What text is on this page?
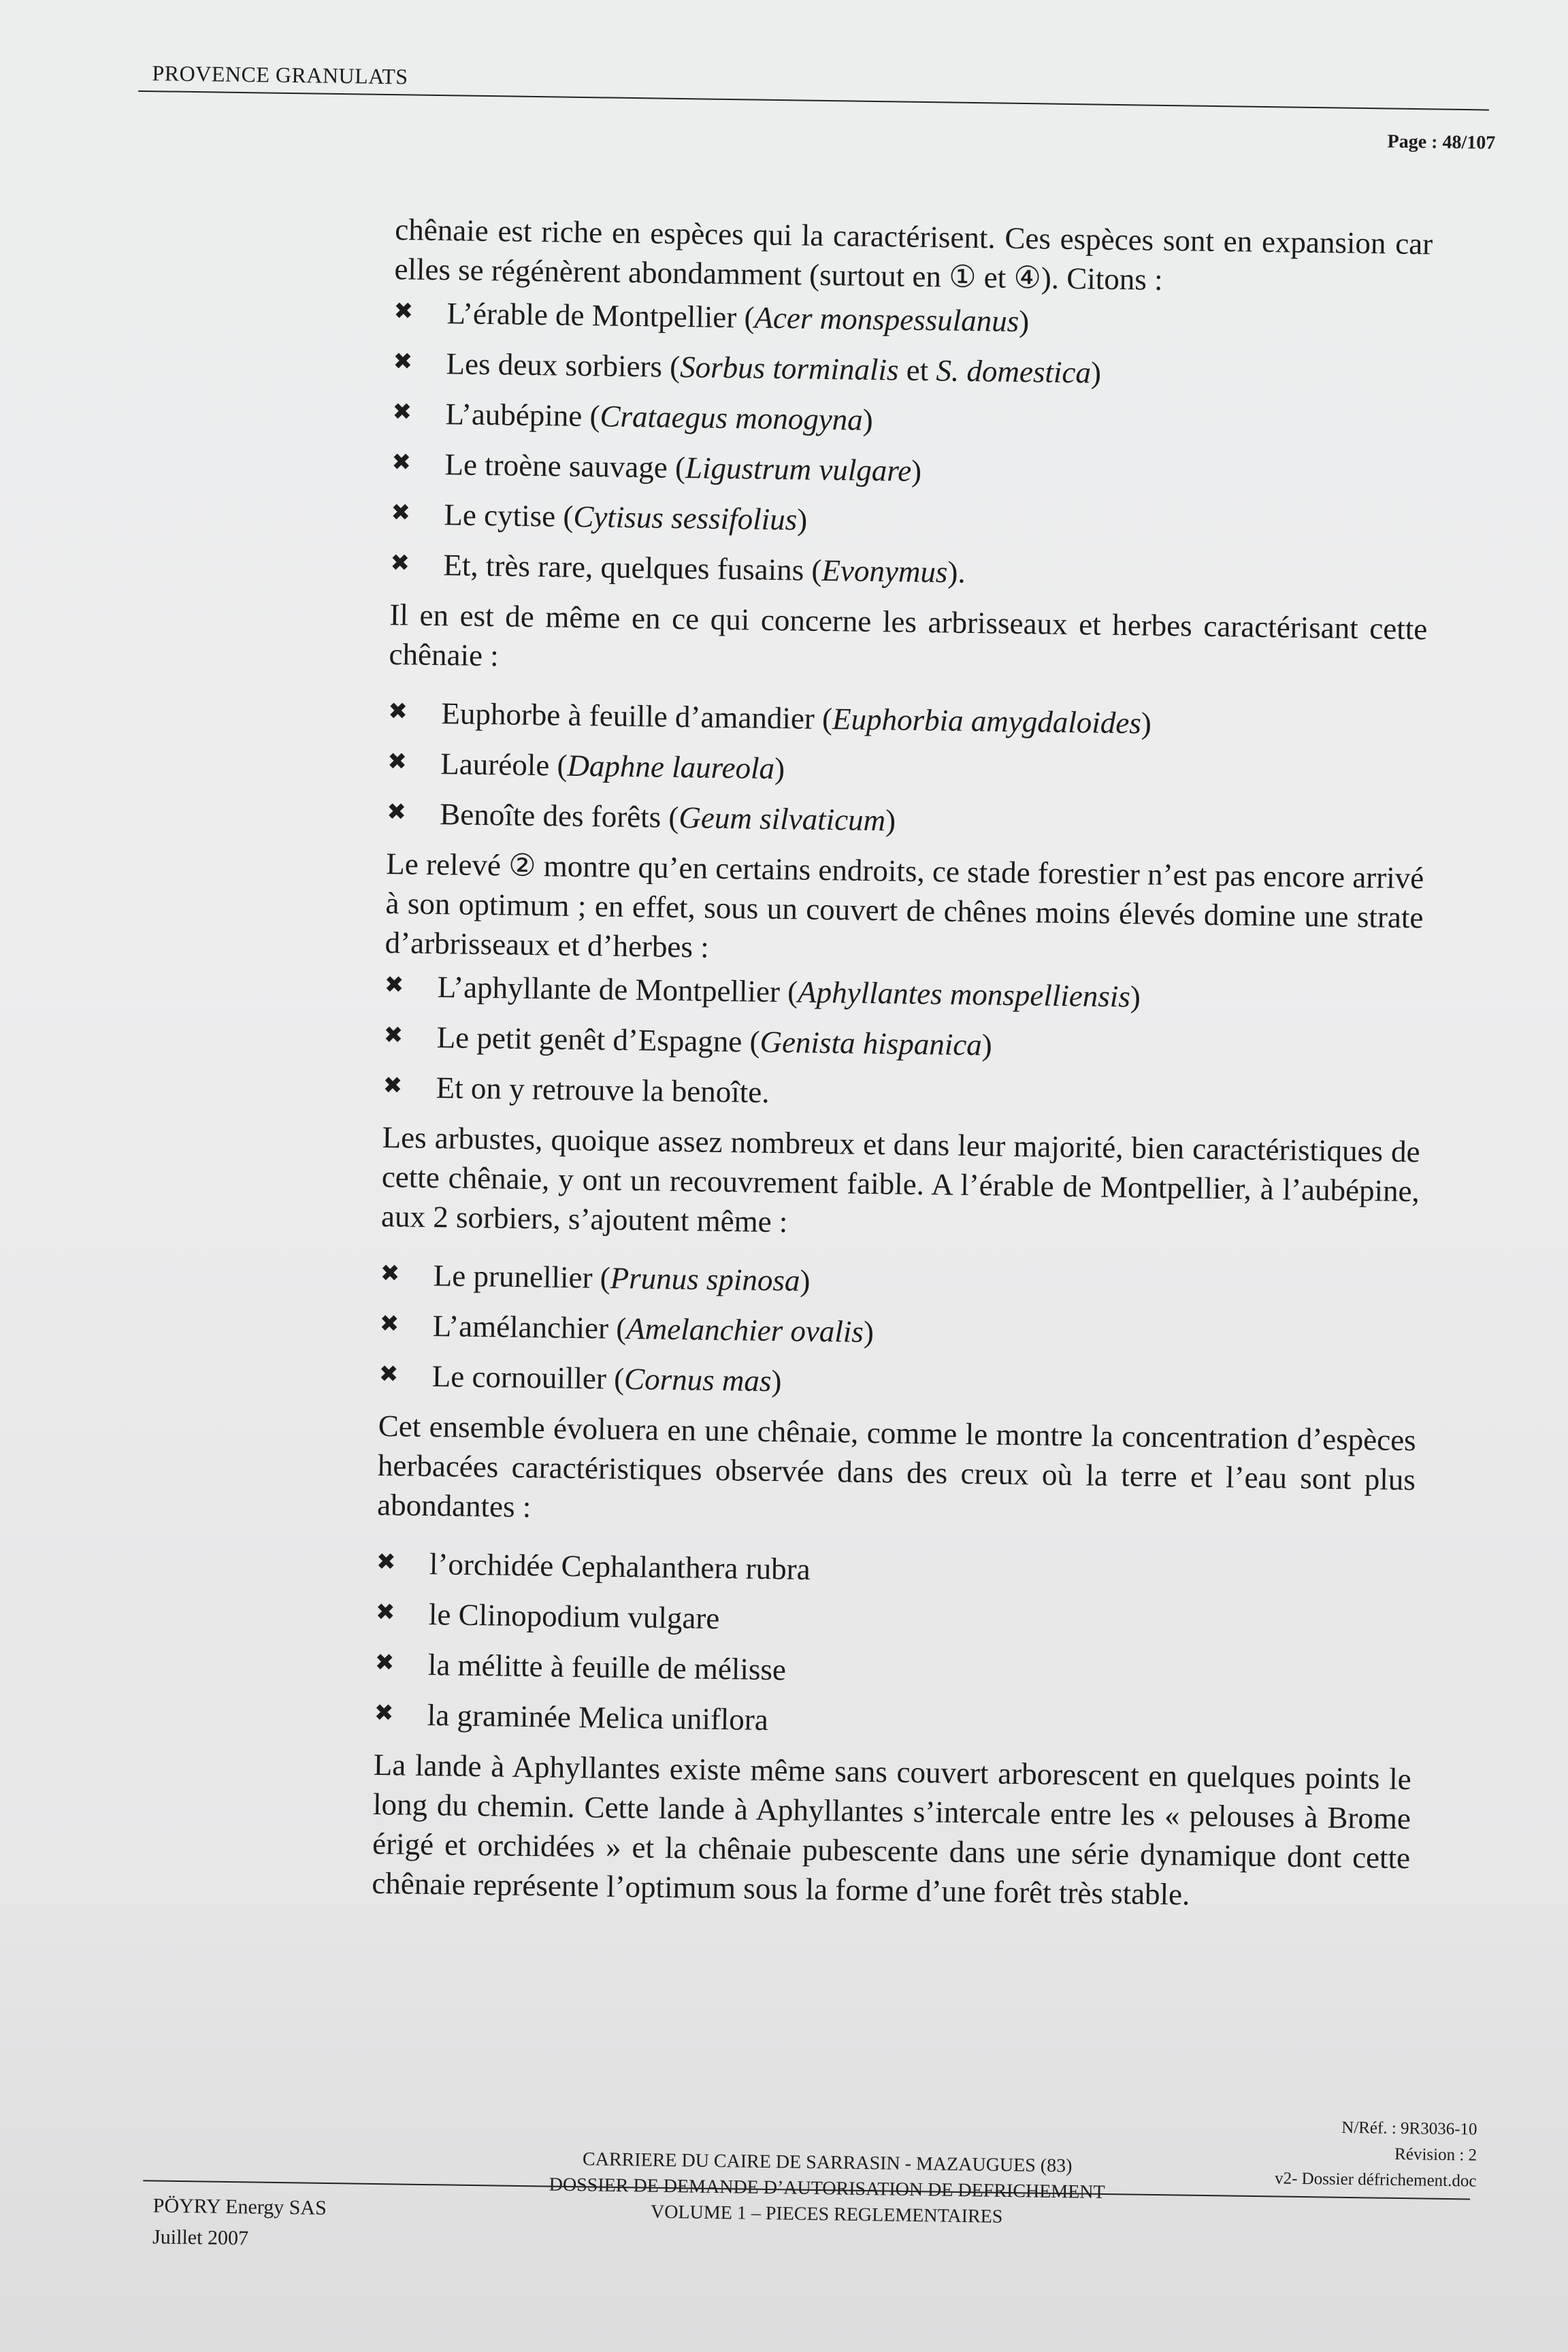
PROVENCE GRANULATS
Page : 48/107

chênaie est riche en espèces qui la caractérisent. Ces espèces sont en expansion car elles se régénèrent abondamment (surtout en ① et ④). Citons :

✖ L’érable de Montpellier (Acer monspessulanus)
✖ Les deux sorbiers (Sorbus torminalis et S. domestica)
✖ L’aubépine (Crataegus monogyna)
✖ Le troène sauvage (Ligustrum vulgare)
✖ Le cytise (Cytisus sessifolius)
✖ Et, très rare, quelques fusains (Evonymus).

Il en est de même en ce qui concerne les arbrisseaux et herbes caractérisant cette chênaie :

✖ Euphorbe à feuille d’amandier (Euphorbia amygdaloides)
✖ Lauréole (Daphne laureola)
✖ Benoîte des forêts (Geum silvaticum)

Le relevé ② montre qu’en certains endroits, ce stade forestier n’est pas encore arrivé à son optimum ; en effet, sous un couvert de chênes moins élevés domine une strate d’arbrisseaux et d’herbes :

✖ L’aphyllante de Montpellier (Aphyllantes monspelliensis)
✖ Le petit genêt d’Espagne (Genista hispanica)
✖ Et on y retrouve la benoîte.

Les arbustes, quoique assez nombreux et dans leur majorité, bien caractéristiques de cette chênaie, y ont un recouvrement faible. A l’érable de Montpellier, à l’aubépine, aux 2 sorbiers, s’ajoutent même :

✖ Le prunellier (Prunus spinosa)
✖ L’amélanchier (Amelanchier ovalis)
✖ Le cornouiller (Cornus mas)

Cet ensemble évoluera en une chênaie, comme le montre la concentration d’espèces herbacées caractéristiques observée dans des creux où la terre et l’eau sont plus abondantes :

✖ l’orchidée Cephalanthera rubra
✖ le Clinopodium vulgare
✖ la mélitte à feuille de mélisse
✖ la graminée Melica uniflora

La lande à Aphyllantes existe même sans couvert arborescent en quelques points le long du chemin. Cette lande à Aphyllantes s’intercale entre les « pelouses à Brome érigé et orchidées » et la chênaie pubescente dans une série dynamique dont cette chênaie représente l’optimum sous la forme d’une forêt très stable.

N/Réf. : 9R3036-10
Révision : 2
v2- Dossier défrichement.doc
CARRIERE DU CAIRE DE SARRASIN - MAZAUGUES (83)
DOSSIER DE DEMANDE D’AUTORISATION DE DEFRICHEMENT
VOLUME 1 – PIECES REGLEMENTAIRES
PÖYRY Energy SAS
Juillet 2007
